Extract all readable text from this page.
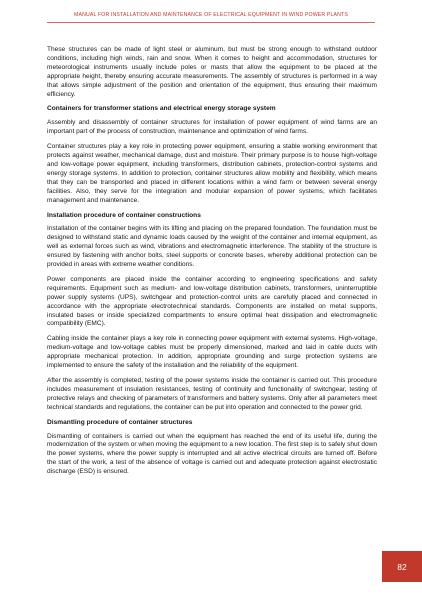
MANUAL FOR INSTALLATION AND MAINTENANCE OF ELECTRICAL EQUIPMENT IN WIND POWER PLANTS

These structures can be made of light steel or aluminum, but must be strong enough to withstand outdoor conditions, including high winds, rain and snow. When it comes to height and accommodation, structures for meteorological instruments usually include poles or masts that allow the equipment to be placed at the appropriate height, thereby ensuring accurate measurements. The assembly of structures is performed in a way that allows simple adjustment of the position and orientation of the equipment, thus ensuring their maximum efficiency.

Containers for transformer stations and electrical energy storage system

Assembly and disassembly of container structures for installation of power equipment of wind farms are an important part of the process of construction, maintenance and optimization of wind farms.

Container structures play a key role in protecting power equipment, ensuring a stable working environment that protects against weather, mechanical damage, dust and moisture. Their primary purpose is to house high-voltage and low-voltage power equipment, including transformers, distribution cabinets, protection-control systems and energy storage systems. In addition to protection, container structures allow mobility and flexibility, which means that they can be transported and placed in different locations within a wind farm or between several energy facilities. Also, they serve for the integration and modular expansion of power systems, which facilitates management and maintenance.

Installation procedure of container constructions

Installation of the container begins with its lifting and placing on the prepared foundation. The foundation must be designed to withstand static and dynamic loads caused by the weight of the container and internal equipment, as well as external forces such as wind, vibrations and electromagnetic interference. The stability of the structure is ensured by fastening with anchor bolts, steel supports or concrete bases, whereby additional protection can be provided in areas with extreme weather conditions.

Power components are placed inside the container according to engineering specifications and safety requirements. Equipment such as medium- and low-voltage distribution cabinets, transformers, uninterruptible power supply systems (UPS), switchgear and protection-control units are carefully placed and connected in accordance with the appropriate electrotechnical standards. Components are installed on metal supports, insulated bases or inside specialized compartments to ensure optimal heat dissipation and electromagnetic compatibility (EMC).

Cabling inside the container plays a key role in connecting power equipment with external systems. High-voltage, medium-voltage and low-voltage cables must be properly dimensioned, marked and laid in cable ducts with appropriate mechanical protection. In addition, appropriate grounding and surge protection systems are implemented to ensure the safety of the installation and the reliability of the equipment.

After the assembly is completed, testing of the power systems inside the container is carried out. This procedure includes measurement of insulation resistances, testing of continuity and functionality of switchgear, testing of protective relays and checking of parameters of transformers and battery systems. Only after all parameters meet technical standards and regulations, the container can be put into operation and connected to the power grid.

Dismantling procedure of container structures

Dismantling of containers is carried out when the equipment has reached the end of its useful life, during the modernization of the system or when moving the equipment to a new location. The first step is to safely shut down the power systems, where the power supply is interrupted and all active electrical circuits are turned off. Before the start of the work, a test of the absence of voltage is carried out and adequate protection against electrostatic discharge (ESD) is ensured.

82
